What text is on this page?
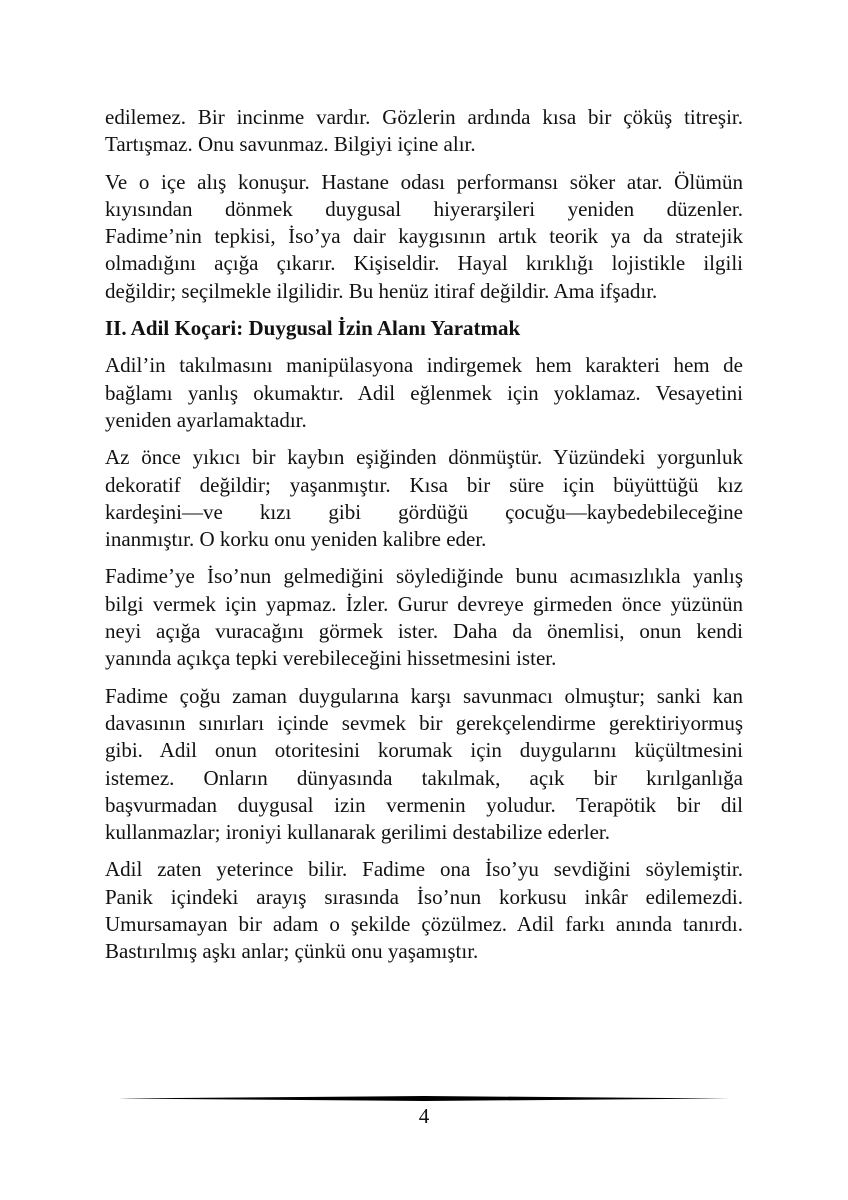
edilemez. Bir incinme vardır. Gözlerin ardında kısa bir çöküş titreşir.
Tartışmaz. Onu savunmaz. Bilgiyi içine alır.
Ve o içe alış konuşur. Hastane odası performansı söker atar. Ölümün
kıyısından dönmek duygusal hiyerarşileri yeniden düzenler.
Fadime’nin tepkisi, İso’ya dair kaygısının artık teorik ya da stratejik
olmadığını açığa çıkarır. Kişiseldir. Hayal kırıklığı lojistikle ilgili
değildir; seçilmekle ilgilidir. Bu henüz itiraf değildir. Ama ifşadır.
II. Adil Koçari: Duygusal İzin Alanı Yaratmak
Adil’in takılmasını manipülasyona indirgemek hem karakteri hem de
bağlamı yanlış okumaktır. Adil eğlenmek için yoklamaz. Vesayetini
yeniden ayarlamaktadır.
Az önce yıkıcı bir kaybın eşiğinden dönmüştür. Yüzündeki yorgunluk
dekoratif değildir; yaşanmıştır. Kısa bir süre için büyüttüğü kız
kardeşini—ve kızı gibi gördüğü çocuğu—kaybedebileceğine
inanmıştır. O korku onu yeniden kalibre eder.
Fadime’ye İso’nun gelmediğini söylediğinde bunu acımasızlıkla yanlış
bilgi vermek için yapmaz. İzler. Gurur devreye girmeden önce yüzünün
neyi açığa vuracağını görmek ister. Daha da önemlisi, onun kendi
yanında açıkça tepki verebileceğini hissetmesini ister.
Fadime çoğu zaman duygularına karşı savunmacı olmuştur; sanki kan
davasının sınırları içinde sevmek bir gerekçelendirme gerektiriyormuş
gibi. Adil onun otoritesini korumak için duygularını küçültmesini
istemez. Onların dünyasında takılmak, açık bir kırılganlığa
başvurmadan duygusal izin vermenin yoludur. Terapötik bir dil
kullanmazlar; ironiyi kullanarak gerilimi destabilize ederler.
Adil zaten yeterince bilir. Fadime ona İso’yu sevdiğini söylemiştir.
Panik içindeki arayış sırasında İso’nun korkusu inkâr edilemezdi.
Umursamayan bir adam o şekilde çözülmez. Adil farkı anında tanırdı.
Bastırılmış aşkı anlar; çünkü onu yaşamıştır.
4
